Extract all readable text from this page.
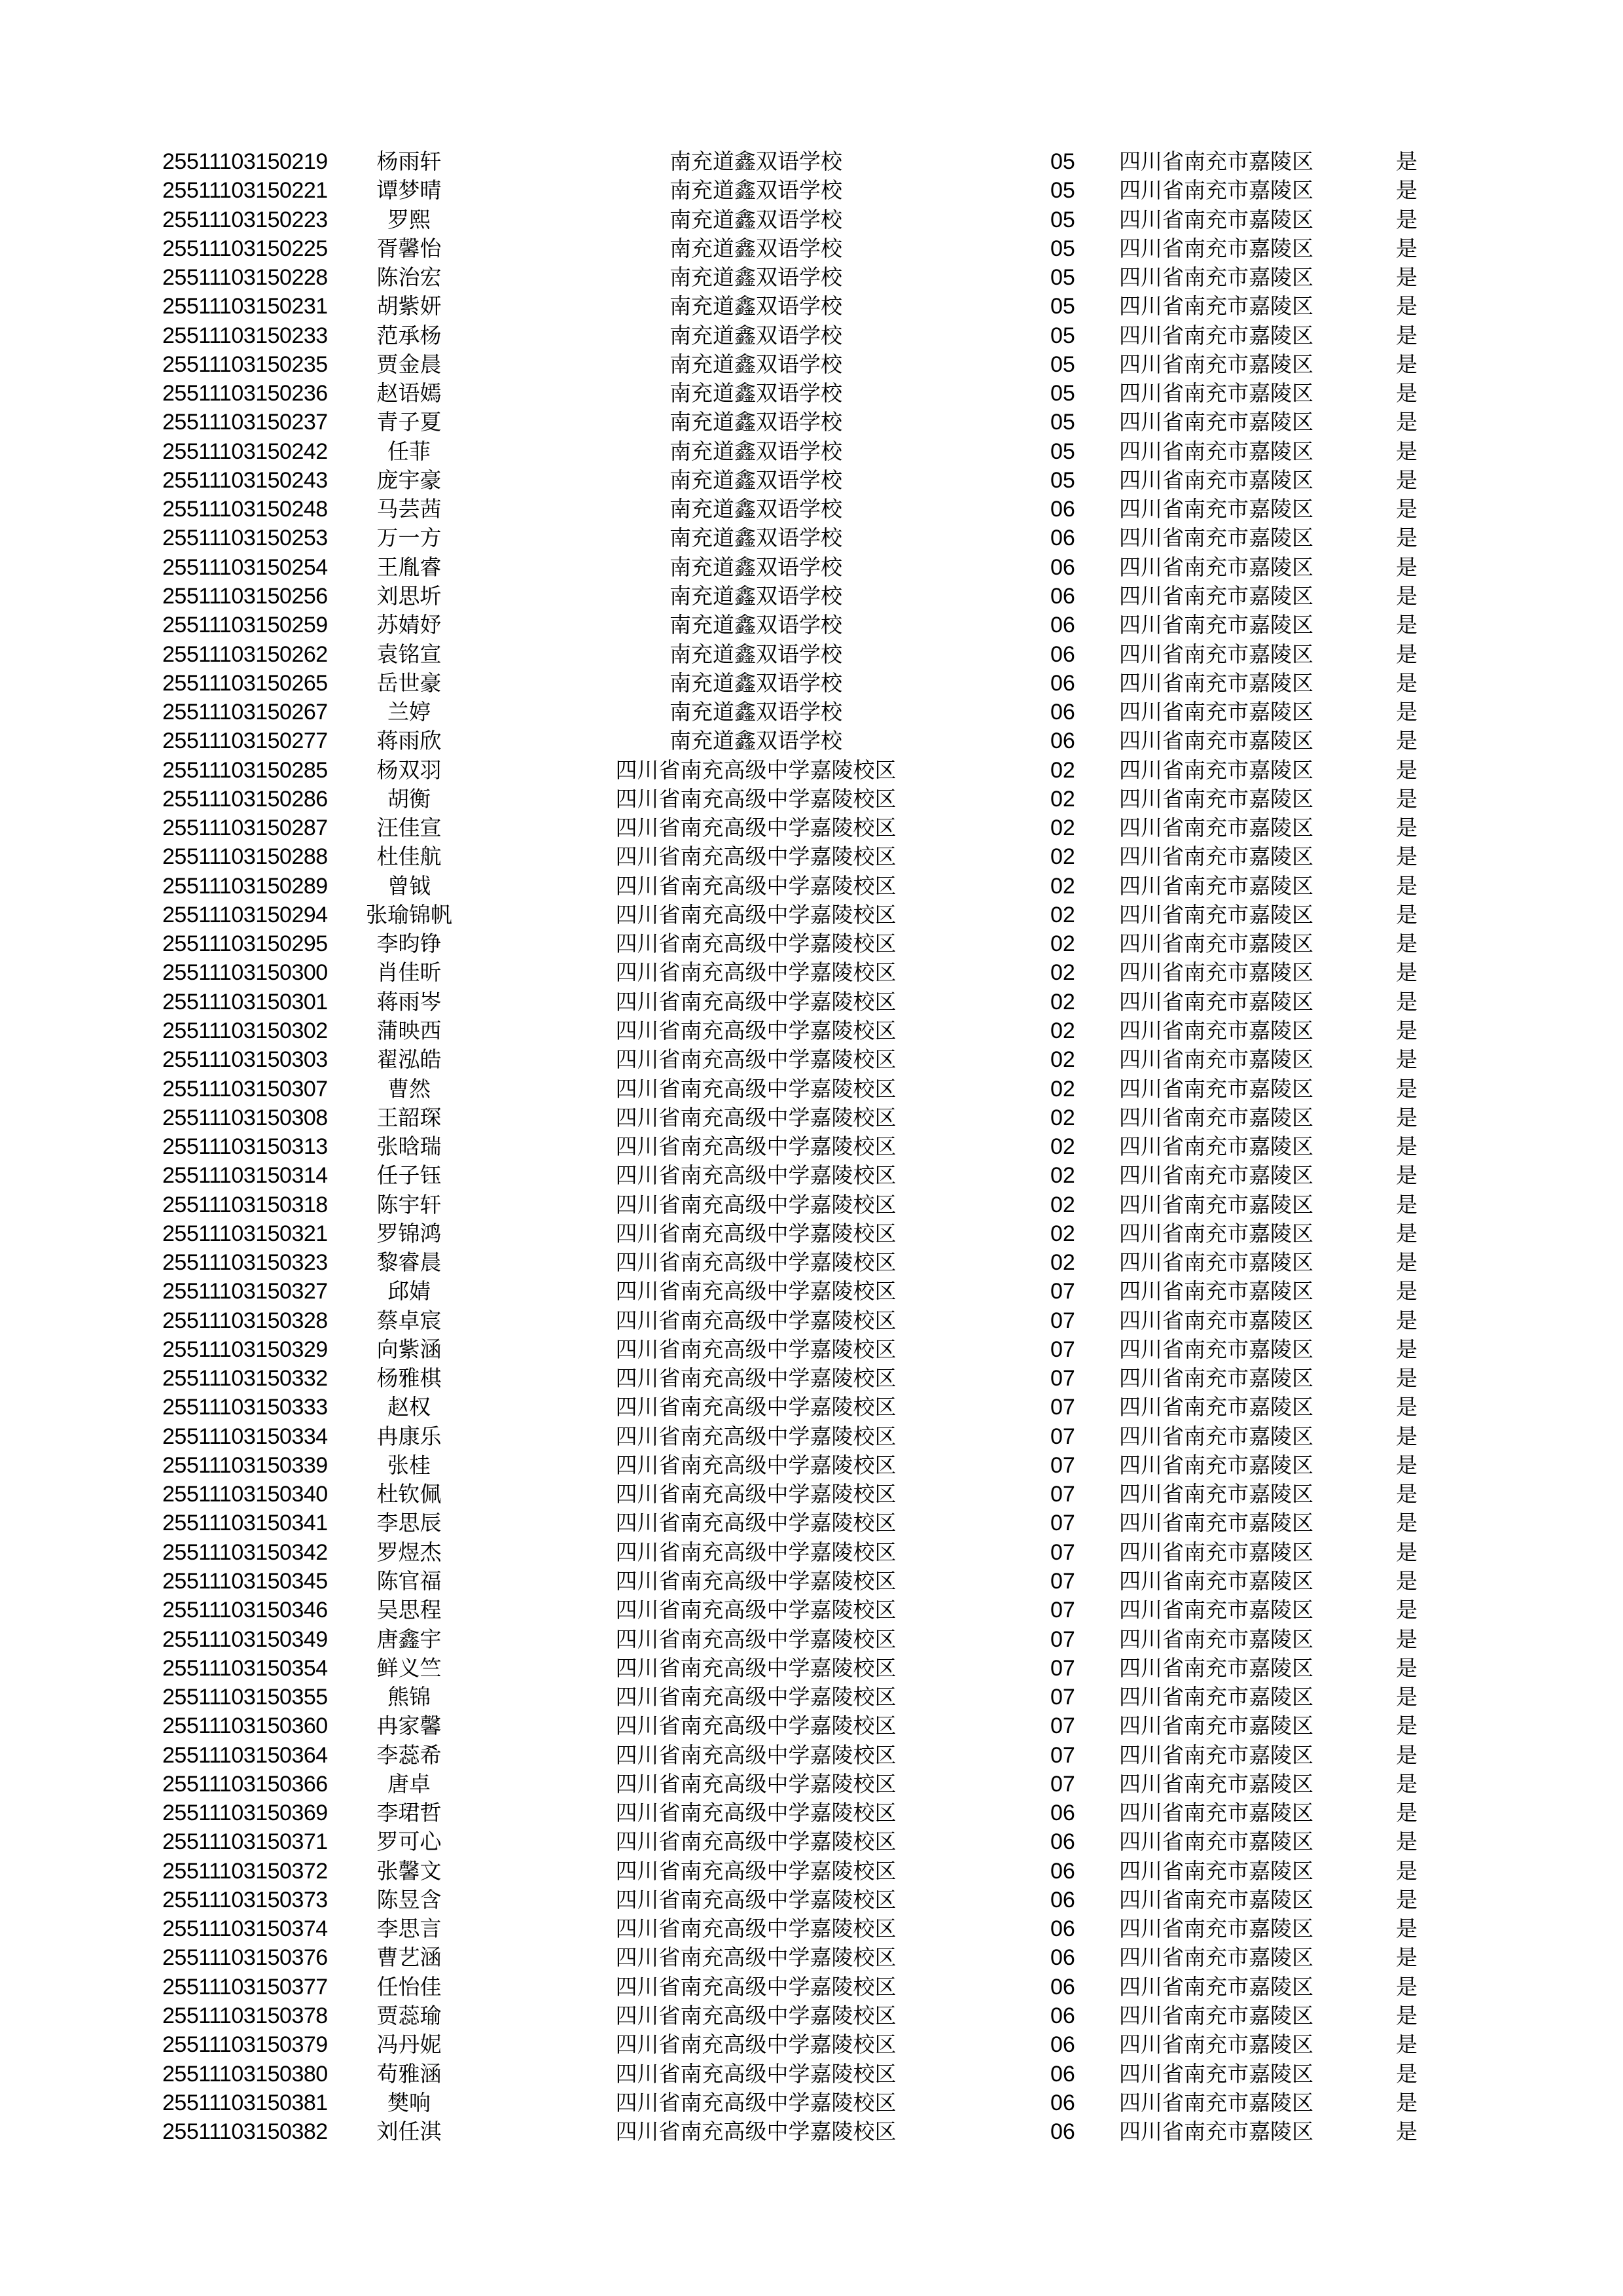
25511103150219	杨雨轩	南充道鑫双语学校	05 四川省南充市嘉陵区	是
25511103150221	谭梦晴	南充道鑫双语学校	05 四川省南充市嘉陵区	是
25511103150223	罗熙	南充道鑫双语学校	05 四川省南充市嘉陵区	是
25511103150225	胥馨怡	南充道鑫双语学校	05 四川省南充市嘉陵区	是
25511103150228	陈治宏	南充道鑫双语学校	05 四川省南充市嘉陵区	是
25511103150231	胡紫妍	南充道鑫双语学校	05 四川省南充市嘉陵区	是
25511103150233	范承杨	南充道鑫双语学校	05 四川省南充市嘉陵区	是
25511103150235	贾金晨	南充道鑫双语学校	05 四川省南充市嘉陵区	是
25511103150236	赵语嫣	南充道鑫双语学校	05 四川省南充市嘉陵区	是
25511103150237	青子夏	南充道鑫双语学校	05 四川省南充市嘉陵区	是
25511103150242	任菲	南充道鑫双语学校	05 四川省南充市嘉陵区	是
25511103150243	庞宇豪	南充道鑫双语学校	05 四川省南充市嘉陵区	是
25511103150248	马芸茜	南充道鑫双语学校	06 四川省南充市嘉陵区	是
25511103150253	万一方	南充道鑫双语学校	06 四川省南充市嘉陵区	是
25511103150254	王胤睿	南充道鑫双语学校	06 四川省南充市嘉陵区	是
25511103150256	刘思圻	南充道鑫双语学校	06 四川省南充市嘉陵区	是
25511103150259	苏婧妤	南充道鑫双语学校	06 四川省南充市嘉陵区	是
25511103150262	袁铭宣	南充道鑫双语学校	06 四川省南充市嘉陵区	是
25511103150265	岳世豪	南充道鑫双语学校	06 四川省南充市嘉陵区	是
25511103150267	兰婷	南充道鑫双语学校	06 四川省南充市嘉陵区	是
25511103150277	蒋雨欣	南充道鑫双语学校	06 四川省南充市嘉陵区	是
25511103150285	杨双羽	四川省南充高级中学嘉陵校区	02 四川省南充市嘉陵区	是
25511103150286	胡衡	四川省南充高级中学嘉陵校区	02 四川省南充市嘉陵区	是
25511103150287	汪佳宣	四川省南充高级中学嘉陵校区	02 四川省南充市嘉陵区	是
25511103150288	杜佳航	四川省南充高级中学嘉陵校区	02 四川省南充市嘉陵区	是
25511103150289	曾钺	四川省南充高级中学嘉陵校区	02 四川省南充市嘉陵区	是
25511103150294	张瑜锦帆	四川省南充高级中学嘉陵校区	02 四川省南充市嘉陵区	是
25511103150295	李昀铮	四川省南充高级中学嘉陵校区	02 四川省南充市嘉陵区	是
25511103150300	肖佳昕	四川省南充高级中学嘉陵校区	02 四川省南充市嘉陵区	是
25511103150301	蒋雨岑	四川省南充高级中学嘉陵校区	02 四川省南充市嘉陵区	是
25511103150302	蒲映西	四川省南充高级中学嘉陵校区	02 四川省南充市嘉陵区	是
25511103150303	翟泓皓	四川省南充高级中学嘉陵校区	02 四川省南充市嘉陵区	是
25511103150307	曹然	四川省南充高级中学嘉陵校区	02 四川省南充市嘉陵区	是
25511103150308	王韶琛	四川省南充高级中学嘉陵校区	02 四川省南充市嘉陵区	是
25511103150313	张晗瑞	四川省南充高级中学嘉陵校区	02 四川省南充市嘉陵区	是
25511103150314	任子钰	四川省南充高级中学嘉陵校区	02 四川省南充市嘉陵区	是
25511103150318	陈宇轩	四川省南充高级中学嘉陵校区	02 四川省南充市嘉陵区	是
25511103150321	罗锦鸿	四川省南充高级中学嘉陵校区	02 四川省南充市嘉陵区	是
25511103150323	黎睿晨	四川省南充高级中学嘉陵校区	02 四川省南充市嘉陵区	是
25511103150327	邱婧	四川省南充高级中学嘉陵校区	07 四川省南充市嘉陵区	是
25511103150328	蔡卓宸	四川省南充高级中学嘉陵校区	07 四川省南充市嘉陵区	是
25511103150329	向紫涵	四川省南充高级中学嘉陵校区	07 四川省南充市嘉陵区	是
25511103150332	杨雅棋	四川省南充高级中学嘉陵校区	07 四川省南充市嘉陵区	是
25511103150333	赵权	四川省南充高级中学嘉陵校区	07 四川省南充市嘉陵区	是
25511103150334	冉康乐	四川省南充高级中学嘉陵校区	07 四川省南充市嘉陵区	是
25511103150339	张桂	四川省南充高级中学嘉陵校区	07 四川省南充市嘉陵区	是
25511103150340	杜钦佩	四川省南充高级中学嘉陵校区	07 四川省南充市嘉陵区	是
25511103150341	李思辰	四川省南充高级中学嘉陵校区	07 四川省南充市嘉陵区	是
25511103150342	罗煜杰	四川省南充高级中学嘉陵校区	07 四川省南充市嘉陵区	是
25511103150345	陈官福	四川省南充高级中学嘉陵校区	07 四川省南充市嘉陵区	是
25511103150346	吴思程	四川省南充高级中学嘉陵校区	07 四川省南充市嘉陵区	是
25511103150349	唐鑫宇	四川省南充高级中学嘉陵校区	07 四川省南充市嘉陵区	是
25511103150354	鲜义竺	四川省南充高级中学嘉陵校区	07 四川省南充市嘉陵区	是
25511103150355	熊锦	四川省南充高级中学嘉陵校区	07 四川省南充市嘉陵区	是
25511103150360	冉家馨	四川省南充高级中学嘉陵校区	07 四川省南充市嘉陵区	是
25511103150364	李蕊希	四川省南充高级中学嘉陵校区	07 四川省南充市嘉陵区	是
25511103150366	唐卓	四川省南充高级中学嘉陵校区	07 四川省南充市嘉陵区	是
25511103150369	李珺哲	四川省南充高级中学嘉陵校区	06 四川省南充市嘉陵区	是
25511103150371	罗可心	四川省南充高级中学嘉陵校区	06 四川省南充市嘉陵区	是
25511103150372	张馨文	四川省南充高级中学嘉陵校区	06 四川省南充市嘉陵区	是
25511103150373	陈昱含	四川省南充高级中学嘉陵校区	06 四川省南充市嘉陵区	是
25511103150374	李思言	四川省南充高级中学嘉陵校区	06 四川省南充市嘉陵区	是
25511103150376	曹艺涵	四川省南充高级中学嘉陵校区	06 四川省南充市嘉陵区	是
25511103150377	任怡佳	四川省南充高级中学嘉陵校区	06 四川省南充市嘉陵区	是
25511103150378	贾蕊瑜	四川省南充高级中学嘉陵校区	06 四川省南充市嘉陵区	是
25511103150379	冯丹妮	四川省南充高级中学嘉陵校区	06 四川省南充市嘉陵区	是
25511103150380	苟雅涵	四川省南充高级中学嘉陵校区	06 四川省南充市嘉陵区	是
25511103150381	樊响	四川省南充高级中学嘉陵校区	06 四川省南充市嘉陵区	是
25511103150382	刘任淇	四川省南充高级中学嘉陵校区	06 四川省南充市嘉陵区	是
